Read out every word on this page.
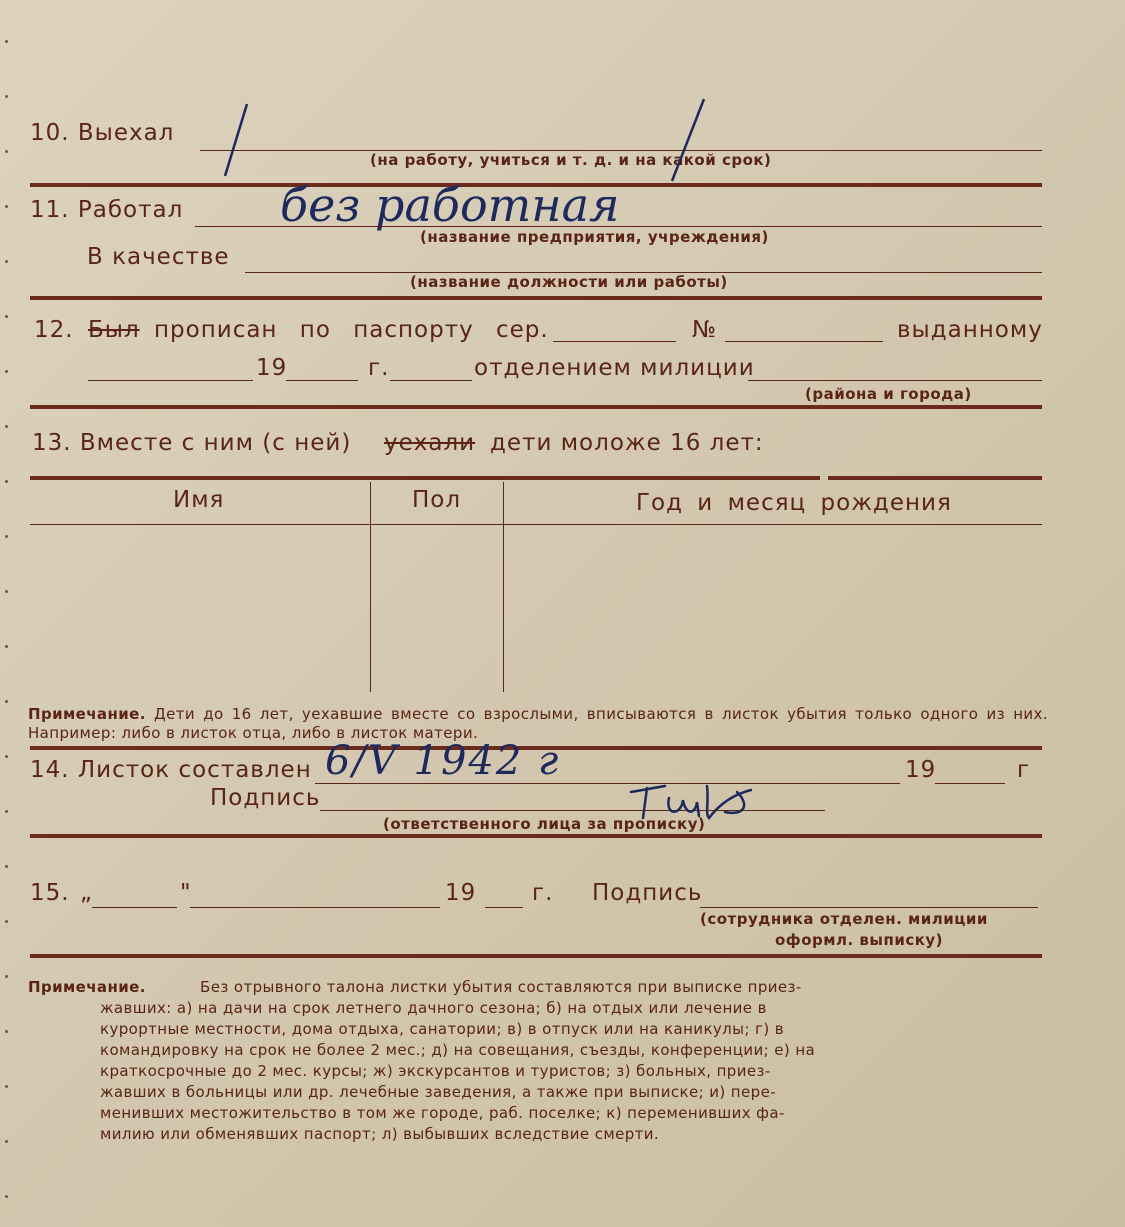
10. Выехал
(на работу, учиться и т. д. и на какой срок)
11. Работал без работная
(название предприятия, учреждения)
В качестве
(название должности или работы)
12. Был прописан по паспорту сер.	№	выданному
19	г.	отделением милиции
(района и города)
13. Вместе с ним (с ней) уехали дети моложе 16 лет:
Имя	Пол	Год и месяц рождения
Примечание. Дети до 16 лет, уехавшие вместе со взрослыми, вписываются в листок убытия только одного из них. Например: либо в листок отца, либо в листок матери.
14. Листок составлен 6/V 1942 г	19	г
Подпись
(ответственного лица за прописку)
15. „	"	19 г. Подпись
(сотрудника отделен. милиции
оформл. выписку)
Примечание.	Без отрывного талона листки убытия составляются при выписке приез-
жавших: а) на дачи на срок летнего дачного сезона; б) на отдых или лечение в
курортные местности, дома отдыха, санатории; в) в отпуск или на каникулы; г) в
командировку на срок не более 2 мес.; д) на совещания, съезды, конференции; е) на
краткосрочные до 2 мес. курсы; ж) экскурсантов и туристов; з) больных, приез-
жавших в больницы или др. лечебные заведения, а также при выписке; и) пере-
менивших местожительство в том же городе, раб. поселке; к) переменивших фа-
милию или обменявших паспорт; л) выбывших вследствие смерти.
